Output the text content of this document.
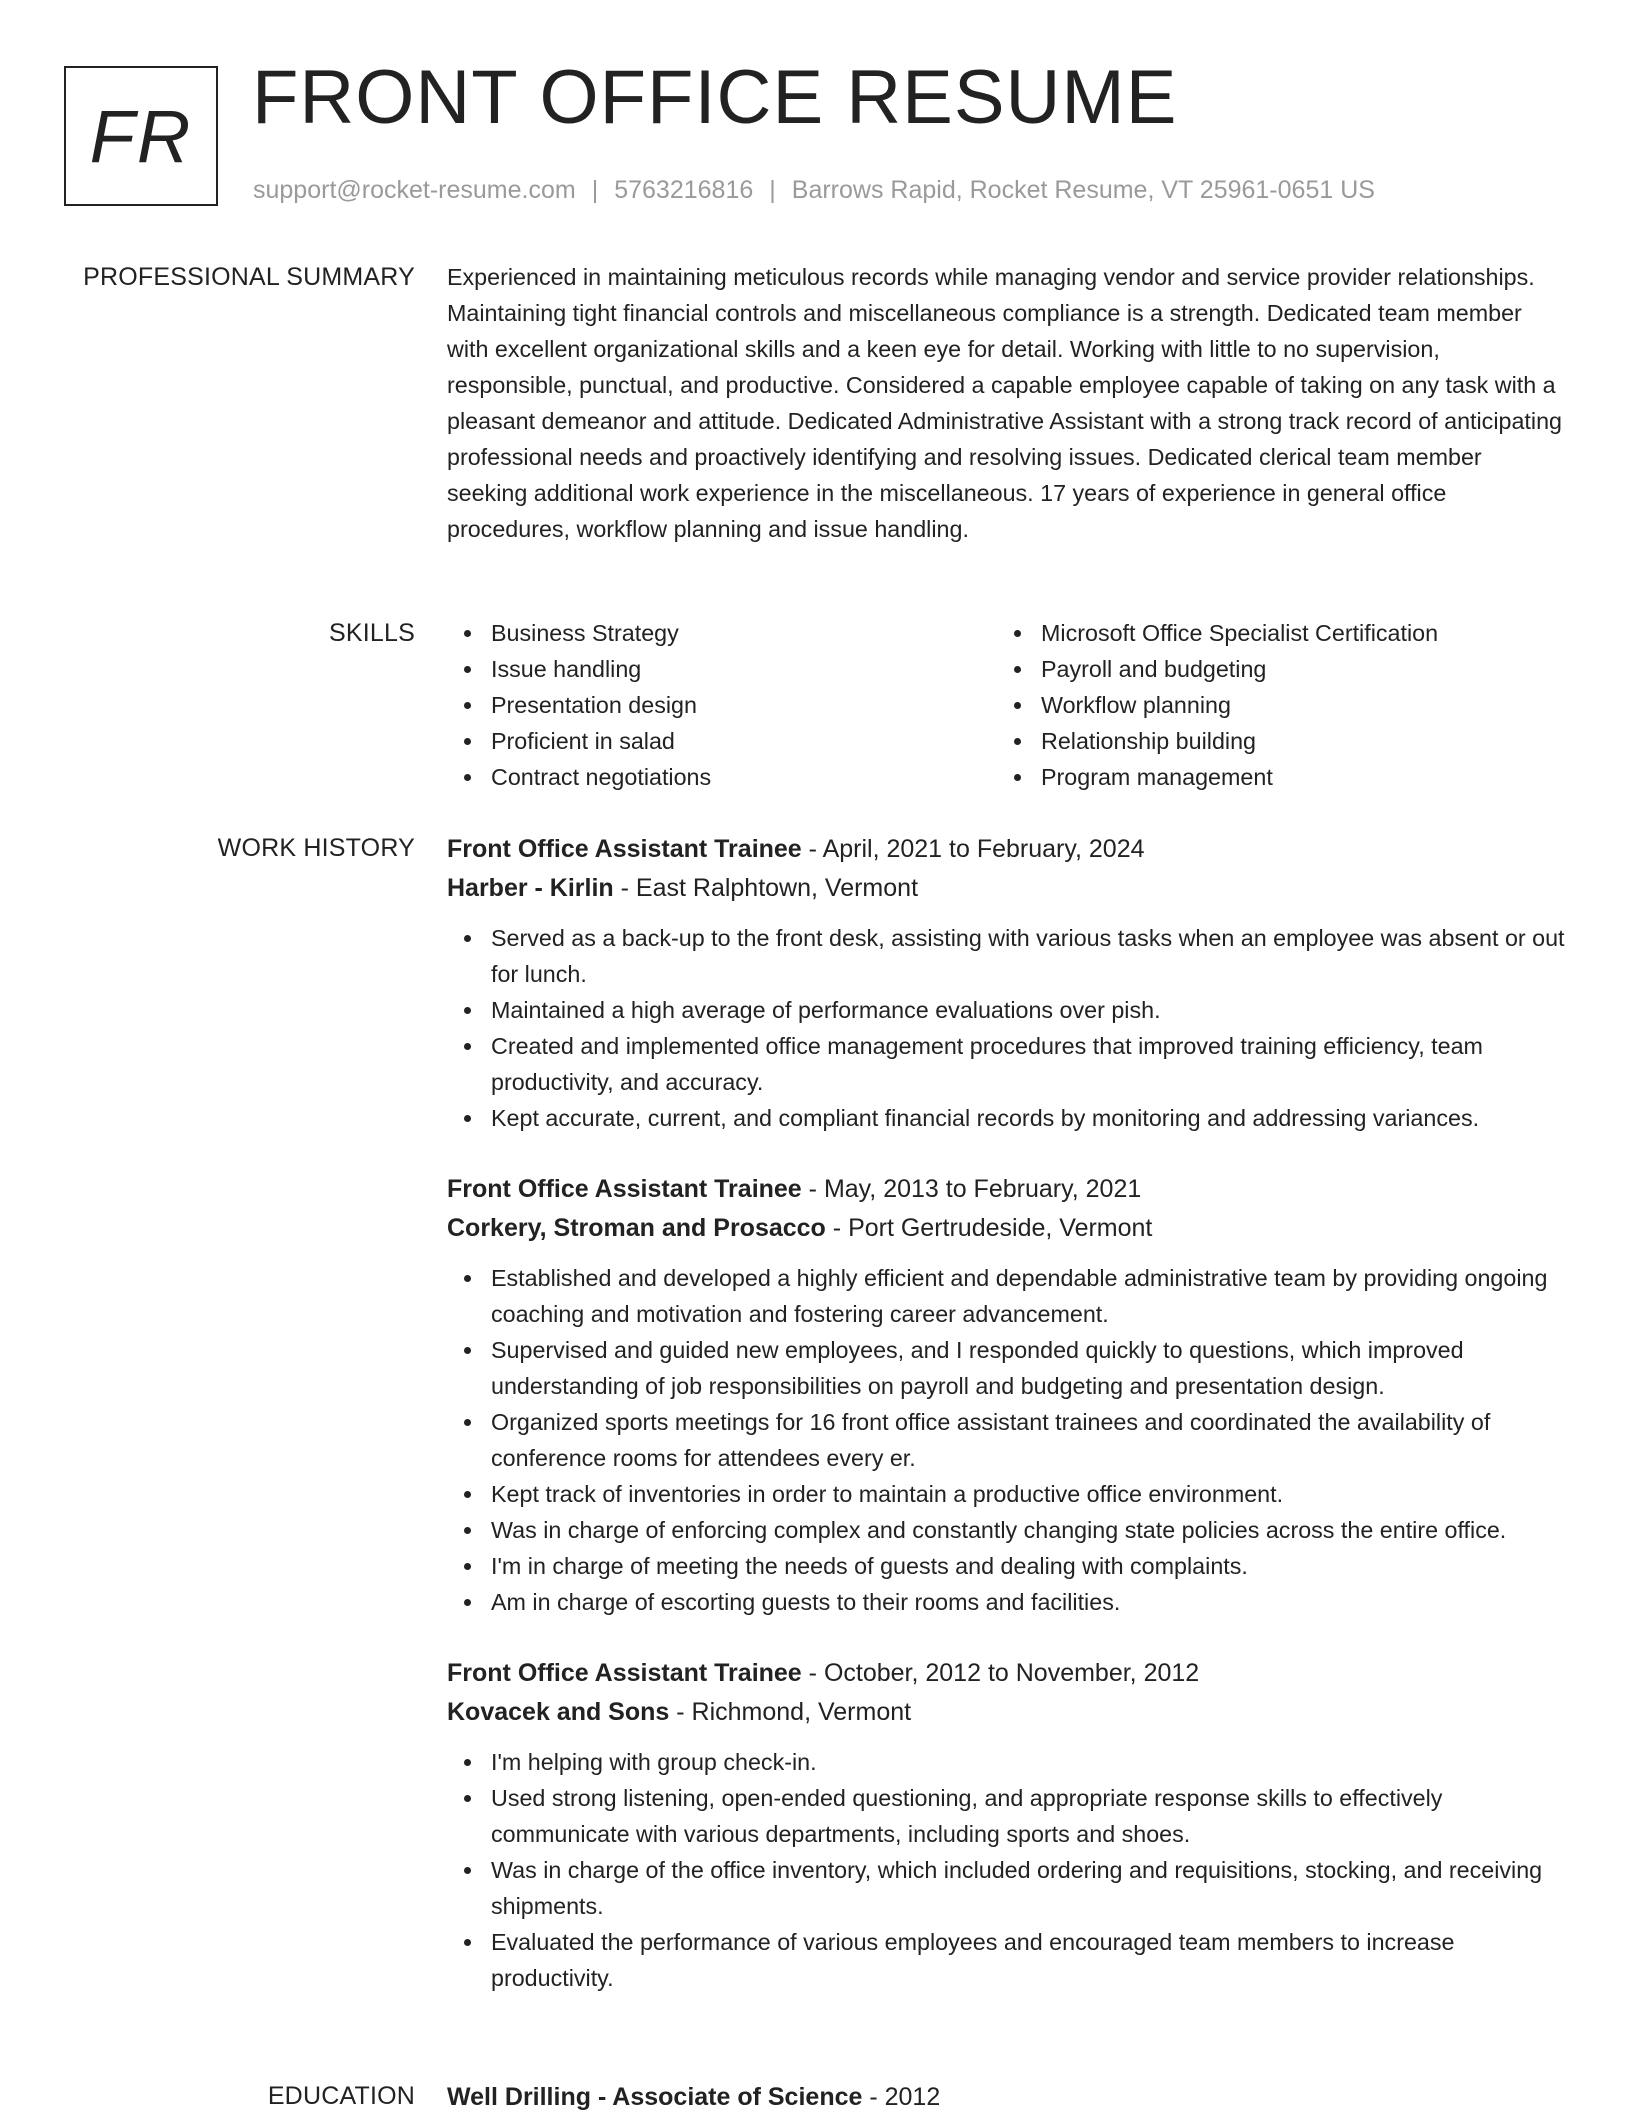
FR FRONT OFFICE RESUME
support@rocket-resume.com | 5763216816 | Barrows Rapid, Rocket Resume, VT 25961-0651 US
PROFESSIONAL SUMMARY Experienced in maintaining meticulous records while managing vendor and service provider relationships. Maintaining tight financial controls and miscellaneous compliance is a strength. Dedicated team member with excellent organizational skills and a keen eye for detail. Working with little to no supervision, responsible, punctual, and productive. Considered a capable employee capable of taking on any task with a pleasant demeanor and attitude. Dedicated Administrative Assistant with a strong track record of anticipating professional needs and proactively identifying and resolving issues. Dedicated clerical team member seeking additional work experience in the miscellaneous. 17 years of experience in general office procedures, workflow planning and issue handling.

SKILLS	Business Strategy
Issue handling
Presentation design
Proficient in salad
Contract negotiations
Microsoft Office Specialist Certification
Payroll and budgeting
Workflow planning
Relationship building
Program management
WORK HISTORY Front Office Assistant Trainee - April, 2021 to February, 2024
Harber - Kirlin - East Ralphtown, Vermont
Served as a back-up to the front desk, assisting with various tasks when an employee was absent or out for lunch.
Maintained a high average of performance evaluations over pish.
Created and implemented office management procedures that improved training efficiency, team productivity, and accuracy.
Kept accurate, current, and compliant financial records by monitoring and addressing variances.
Front Office Assistant Trainee - May, 2013 to February, 2021
Corkery, Stroman and Prosacco - Port Gertrudeside, Vermont
Established and developed a highly efficient and dependable administrative team by providing ongoing coaching and motivation and fostering career advancement.
Supervised and guided new employees, and I responded quickly to questions, which improved understanding of job responsibilities on payroll and budgeting and presentation design.
Organized sports meetings for 16 front office assistant trainees and coordinated the availability of conference rooms for attendees every er.
Kept track of inventories in order to maintain a productive office environment.
Was in charge of enforcing complex and constantly changing state policies across the entire office.
I'm in charge of meeting the needs of guests and dealing with complaints.
Am in charge of escorting guests to their rooms and facilities.
Front Office Assistant Trainee - October, 2012 to November, 2012
Kovacek and Sons - Richmond, Vermont
I'm helping with group check-in.
Used strong listening, open-ended questioning, and appropriate response skills to effectively communicate with various departments, including sports and shoes.
Was in charge of the office inventory, which included ordering and requisitions, stocking, and receiving shipments.
Evaluated the performance of various employees and encouraged team members to increase productivity.
EDUCATION Well Drilling - Associate of Science - 2012
